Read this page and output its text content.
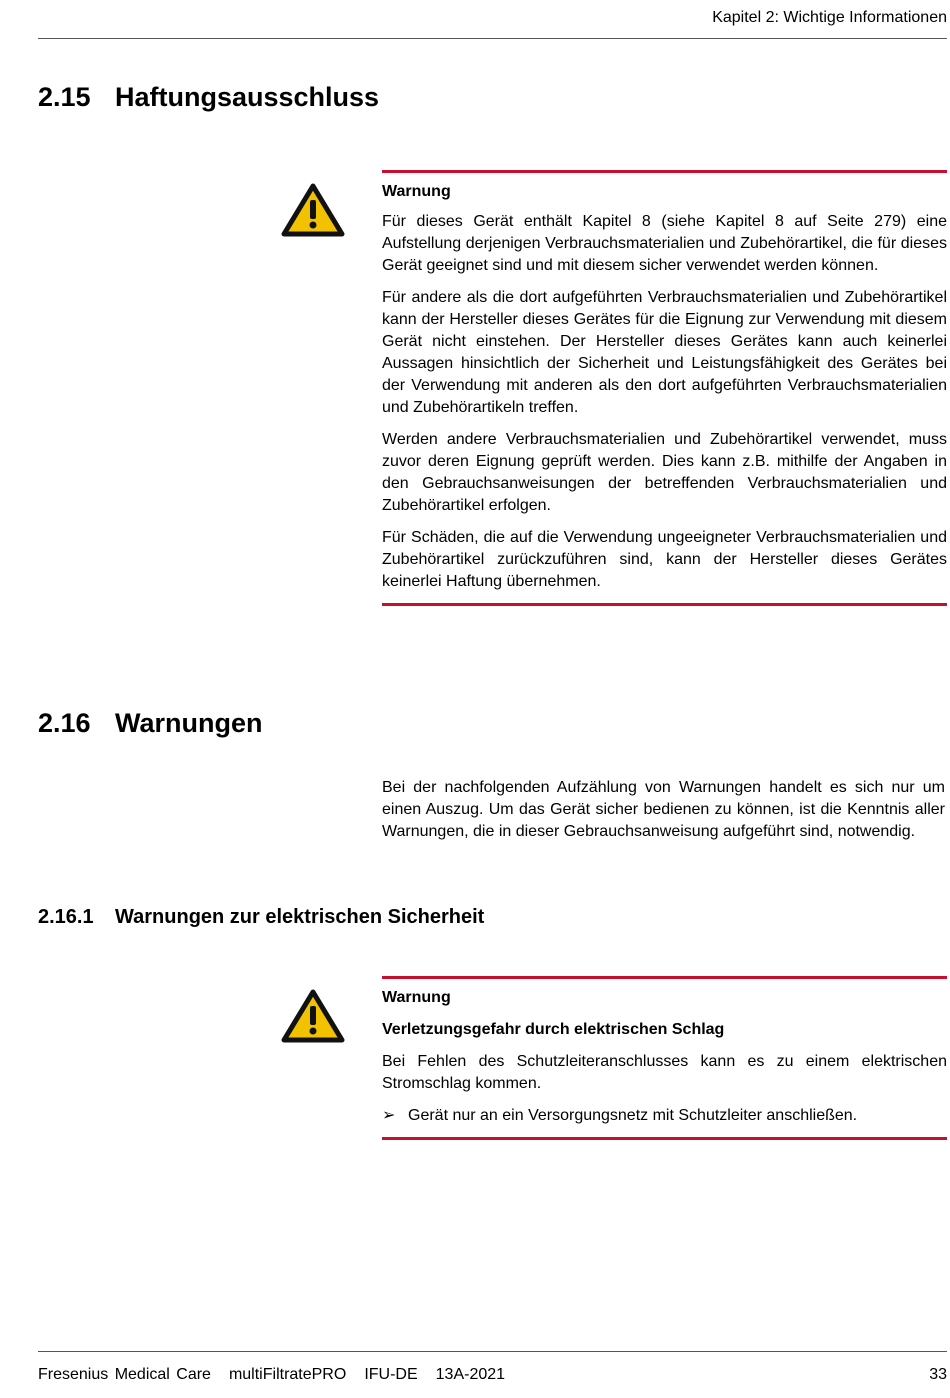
Kapitel 2: Wichtige Informationen
2.15 Haftungsausschluss
Warnung
Für dieses Gerät enthält Kapitel 8 (siehe Kapitel 8 auf Seite 279) eine Aufstellung derjenigen Verbrauchsmaterialien und Zubehörartikel, die für dieses Gerät geeignet sind und mit diesem sicher verwendet werden können.
Für andere als die dort aufgeführten Verbrauchsmaterialien und Zubehörartikel kann der Hersteller dieses Gerätes für die Eignung zur Verwendung mit diesem Gerät nicht einstehen. Der Hersteller dieses Gerätes kann auch keinerlei Aussagen hinsichtlich der Sicherheit und Leistungsfähigkeit des Gerätes bei der Verwendung mit anderen als den dort aufgeführten Verbrauchsmaterialien und Zubehörartikeln treffen.
Werden andere Verbrauchsmaterialien und Zubehörartikel verwendet, muss zuvor deren Eignung geprüft werden. Dies kann z.B. mithilfe der Angaben in den Gebrauchsanweisungen der betreffenden Verbrauchsmaterialien und Zubehörartikel erfolgen.
Für Schäden, die auf die Verwendung ungeeigneter Verbrauchsmaterialien und Zubehörartikel zurückzuführen sind, kann der Hersteller dieses Gerätes keinerlei Haftung übernehmen.
2.16 Warnungen
Bei der nachfolgenden Aufzählung von Warnungen handelt es sich nur um einen Auszug. Um das Gerät sicher bedienen zu können, ist die Kenntnis aller Warnungen, die in dieser Gebrauchsanweisung aufgeführt sind, notwendig.
2.16.1 Warnungen zur elektrischen Sicherheit
Warnung
Verletzungsgefahr durch elektrischen Schlag
Bei Fehlen des Schutzleiteranschlusses kann es zu einem elektrischen Stromschlag kommen.
➢ Gerät nur an ein Versorgungsnetz mit Schutzleiter anschließen.
Fresenius Medical Care multiFiltratePRO IFU-DE 13A-2021	33
